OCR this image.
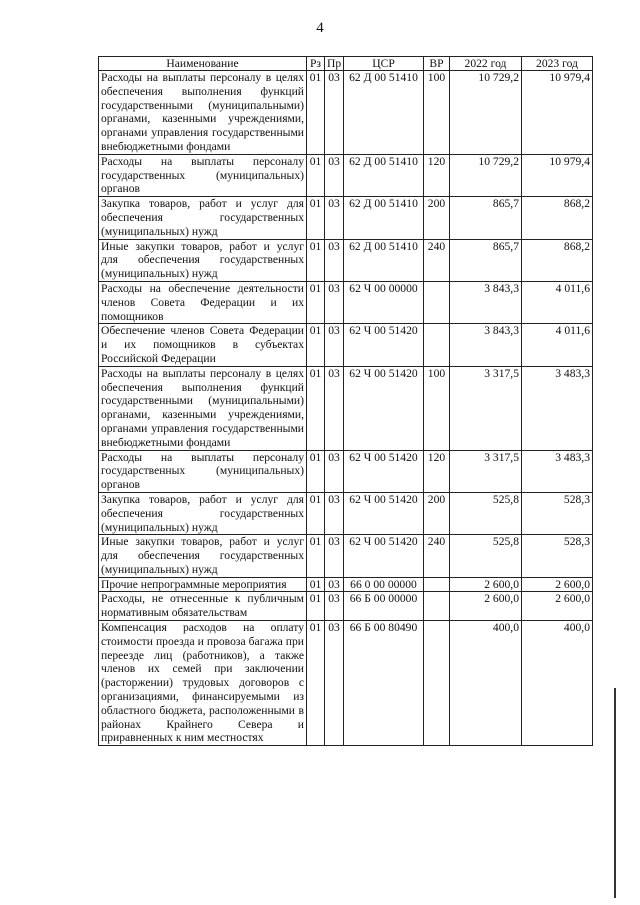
4
Наименование	Рз	Пр	ЦСР	ВР	2022 год	2023 год
Расходы на выплаты персоналу в целях обеспечения выполнения функций государственными (муниципальными) органами, казенными учреждениями, органами управления государственными внебюджетными фондами	01	03	62 Д 00 51410	100	10 729,2	10 979,4
Расходы на выплаты персоналу государственных (муниципальных) органов	01	03	62 Д 00 51410	120	10 729,2	10 979,4
Закупка товаров, работ и услуг для обеспечения государственных (муниципальных) нужд	01	03	62 Д 00 51410	200	865,7	868,2
Иные закупки товаров, работ и услуг для обеспечения государственных (муниципальных) нужд	01	03	62 Д 00 51410	240	865,7	868,2
Расходы на обеспечение деятельности членов Совета Федерации и их помощников	01	03	62 Ч 00 00000		3 843,3	4 011,6
Обеспечение членов Совета Федерации и их помощников в субъектах Российской Федерации	01	03	62 Ч 00 51420		3 843,3	4 011,6
Расходы на выплаты персоналу в целях обеспечения выполнения функций государственными (муниципальными) органами, казенными учреждениями, органами управления государственными внебюджетными фондами	01	03	62 Ч 00 51420	100	3 317,5	3 483,3
Расходы на выплаты персоналу государственных (муниципальных) органов	01	03	62 Ч 00 51420	120	3 317,5	3 483,3
Закупка товаров, работ и услуг для обеспечения государственных (муниципальных) нужд	01	03	62 Ч 00 51420	200	525,8	528,3
Иные закупки товаров, работ и услуг для обеспечения государственных (муниципальных) нужд	01	03	62 Ч 00 51420	240	525,8	528,3
Прочие непрограммные мероприятия	01	03	66 0 00 00000		2 600,0	2 600,0
Расходы, не отнесенные к публичным нормативным обязательствам	01	03	66 Б 00 00000		2 600,0	2 600,0
Компенсация расходов на оплату стоимости проезда и провоза багажа при переезде лиц (работников), а также членов их семей при заключении (расторжении) трудовых договоров с организациями, финансируемыми из областного бюджета, расположенными в районах Крайнего Севера и приравненных к ним местностях	01	03	66 Б 00 80490		400,0	400,0
